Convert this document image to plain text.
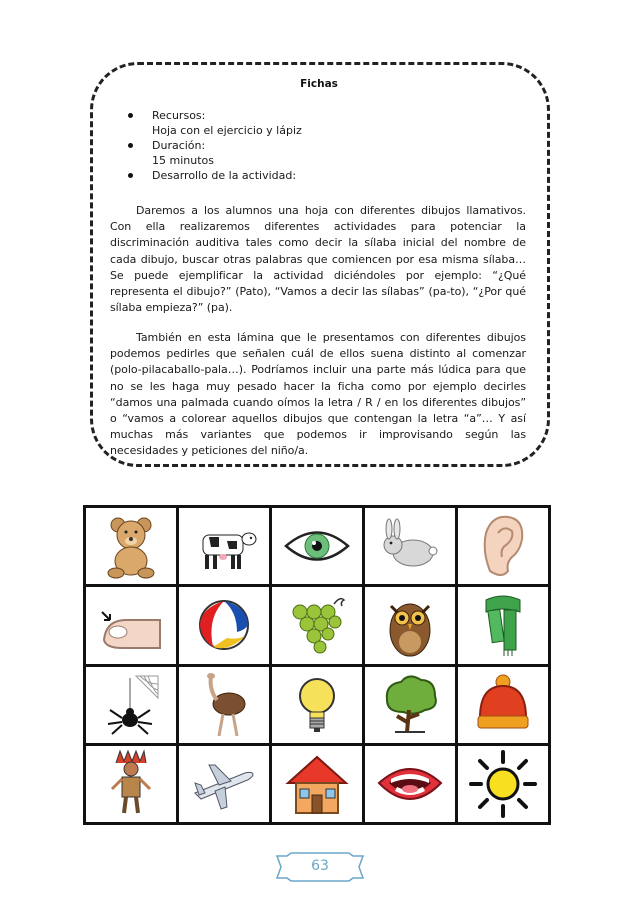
Fichas
Recursos:
Hoja con el ejercicio y lápiz
Duración:
15 minutos
Desarrollo de la actividad:

Daremos a los alumnos una hoja con diferentes dibujos llamativos. Con ella realizaremos diferentes actividades para potenciar la discriminación auditiva tales como decir la sílaba inicial del nombre de cada dibujo, buscar otras palabras que comiencen por esa misma sílaba… Se puede ejemplificar la actividad diciéndoles por ejemplo: “¿Qué representa el dibujo?” (Pato), “Vamos a decir las sílabas” (pa-to), “¿Por qué sílaba empieza?” (pa).

También en esta lámina que le presentamos con diferentes dibujos podemos pedirles que señalen cuál de ellos suena distinto al comenzar (polo-pilacaballo-pala…). Podríamos incluir una parte más lúdica para que no se les haga muy pesado hacer la ficha como por ejemplo decirles “damos una palmada cuando oímos la letra / R / en los diferentes dibujos” o “vamos a colorear aquellos dibujos que contengan la letra “a”… Y así muchas más variantes que podemos ir improvisando según las necesidades y peticiones del niño/a.

63
